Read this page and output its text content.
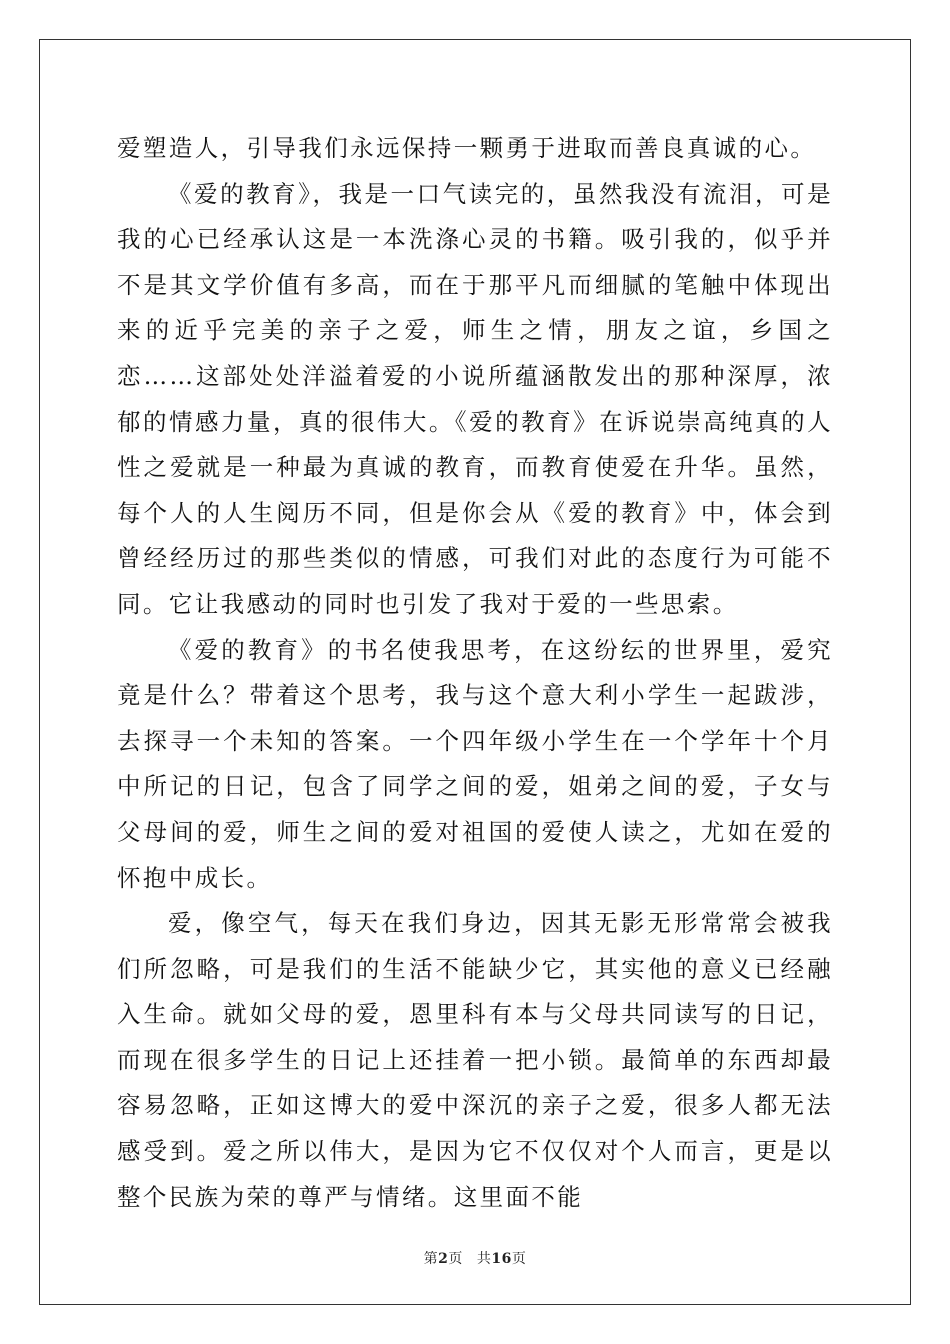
爱塑造人，引导我们永远保持一颗勇于进取而善良真诚的心。

《爱的教育》，我是一口气读完的，虽然我没有流泪，可是我的心已经承认这是一本洗涤心灵的书籍。吸引我的，似乎并不是其文学价值有多高，而在于那平凡而细腻的笔触中体现出来的近乎完美的亲子之爱，师生之情，朋友之谊，乡国之恋……这部处处洋溢着爱的小说所蕴涵散发出的那种深厚，浓郁的情感力量，真的很伟大。《爱的教育》在诉说崇高纯真的人性之爱就是一种最为真诚的教育，而教育使爱在升华。虽然，每个人的人生阅历不同，但是你会从《爱的教育》中，体会到曾经经历过的那些类似的情感，可我们对此的态度行为可能不同。它让我感动的同时也引发了我对于爱的一些思索。

《爱的教育》的书名使我思考，在这纷纭的世界里，爱究竟是什么？带着这个思考，我与这个意大利小学生一起跋涉，去探寻一个未知的答案。一个四年级小学生在一个学年十个月中所记的日记，包含了同学之间的爱，姐弟之间的爱，子女与父母间的爱，师生之间的爱对祖国的爱使人读之，尤如在爱的怀抱中成长。

爱，像空气，每天在我们身边，因其无影无形常常会被我们所忽略，可是我们的生活不能缺少它，其实他的意义已经融入生命。就如父母的爱，恩里科有本与父母共同读写的日记，而现在很多学生的日记上还挂着一把小锁。最简单的东西却最容易忽略，正如这博大的爱中深沉的亲子之爱，很多人都无法感受到。爱之所以伟大，是因为它不仅仅对个人而言，更是以整个民族为荣的尊严与情绪。这里面不能

第2页 共16页
